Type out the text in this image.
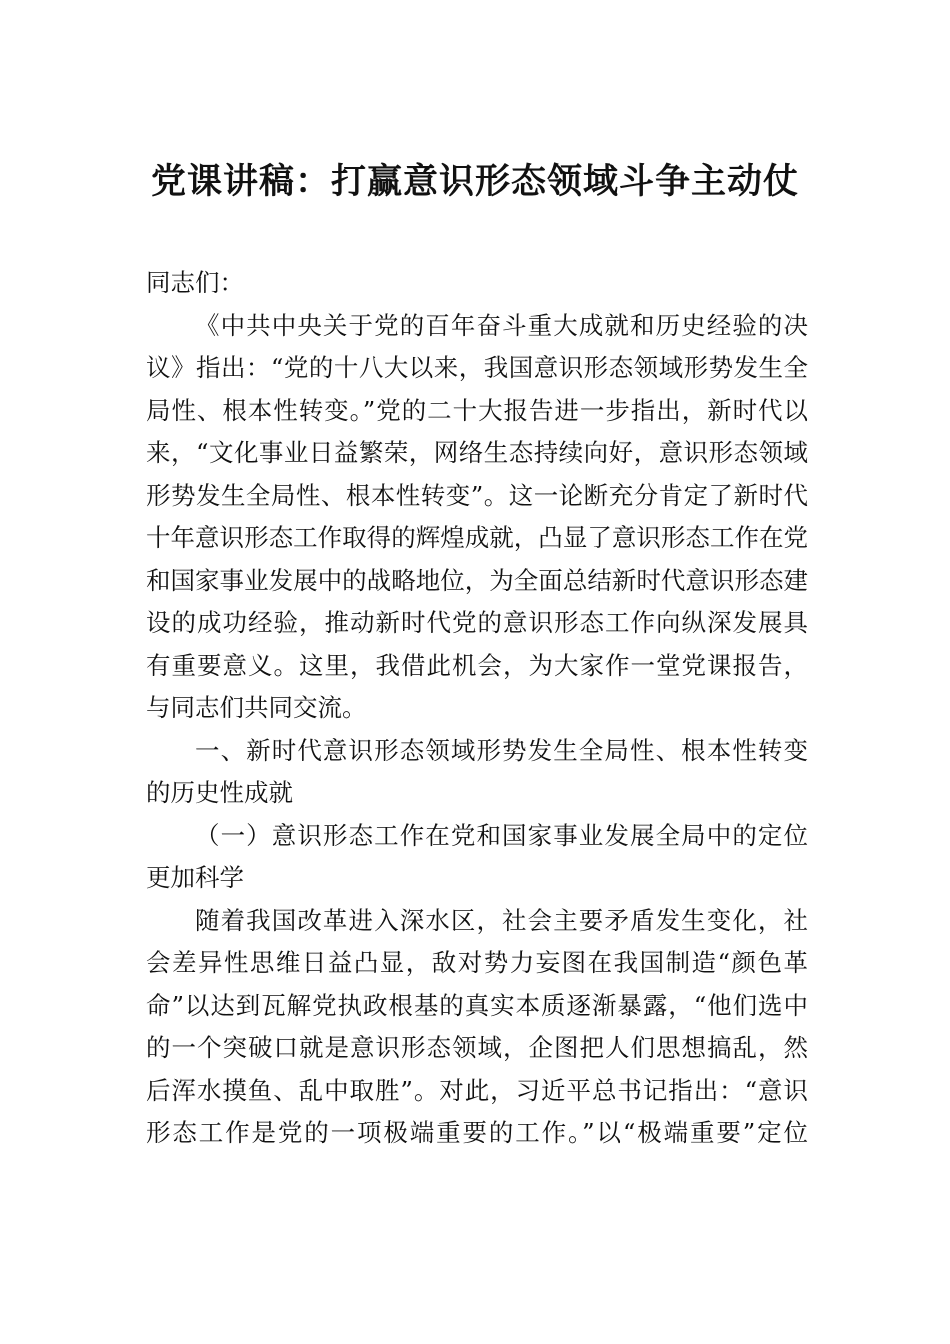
党课讲稿：打赢意识形态领域斗争主动仗

同志们：

《中共中央关于党的百年奋斗重大成就和历史经验的决
议》指出：“党的十八大以来，我国意识形态领域形势发生全
局性、根本性转变。”党的二十大报告进一步指出，新时代以
来，“文化事业日益繁荣，网络生态持续向好，意识形态领域
形势发生全局性、根本性转变”。这一论断充分肯定了新时代
十年意识形态工作取得的辉煌成就，凸显了意识形态工作在党
和国家事业发展中的战略地位，为全面总结新时代意识形态建
设的成功经验，推动新时代党的意识形态工作向纵深发展具
有重要意义。这里，我借此机会，为大家作一堂党课报告，
与同志们共同交流。

一、新时代意识形态领域形势发生全局性、根本性转变
的历史性成就

（一）意识形态工作在党和国家事业发展全局中的定位
更加科学

随着我国改革进入深水区，社会主要矛盾发生变化，社
会差异性思维日益凸显，敌对势力妄图在我国制造“颜色革
命”以达到瓦解党执政根基的真实本质逐渐暴露，“他们选中
的一个突破口就是意识形态领域，企图把人们思想搞乱，然
后浑水摸鱼、乱中取胜”。对此，习近平总书记指出：“意识
形态工作是党的一项极端重要的工作。”以“极端重要”定位
